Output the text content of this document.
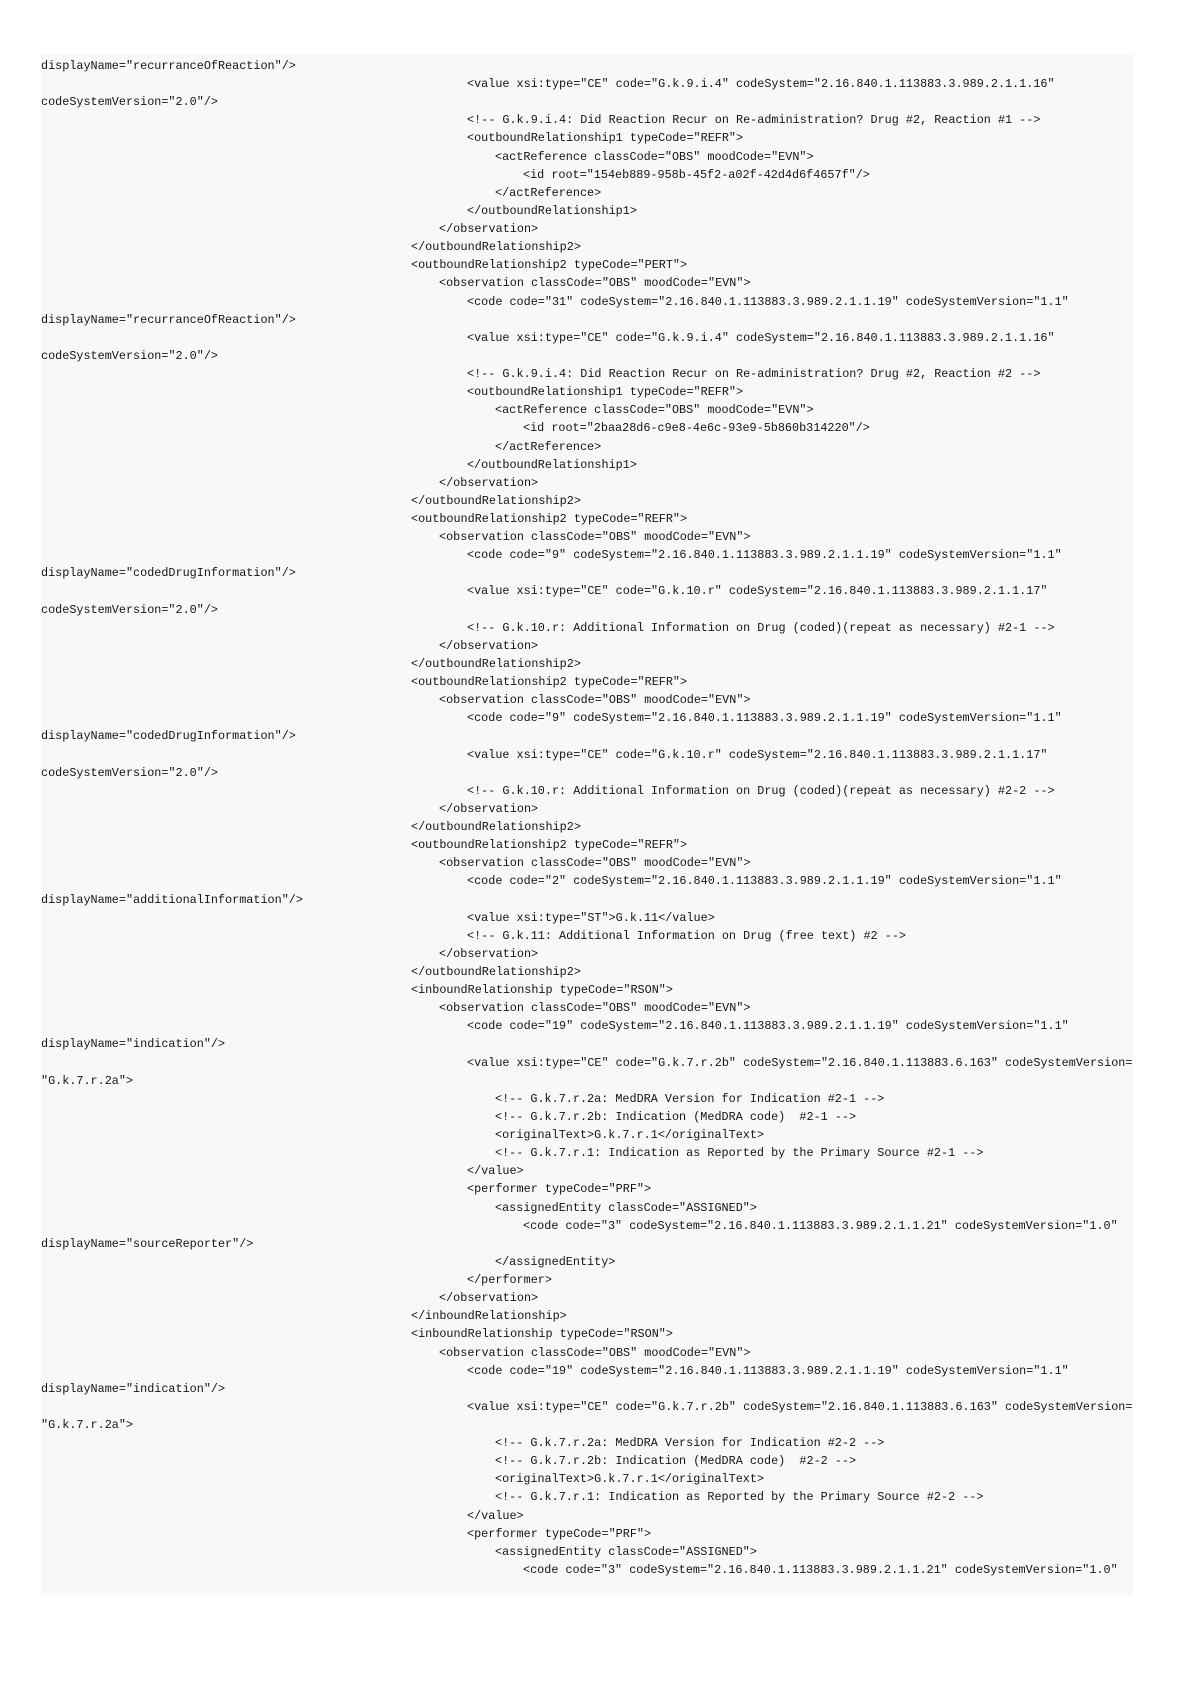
displayName="recurranceOfReaction"/>
<value xsi:type="CE" code="G.k.9.i.4" codeSystem="2.16.840.1.113883.3.989.2.1.1.16"
codeSystemVersion="2.0"/>
<!-- G.k.9.i.4: Did Reaction Recur on Re-administration? Drug #2, Reaction #1 -->
<outboundRelationship1 typeCode="REFR">
<actReference classCode="OBS" moodCode="EVN">
<id root="154eb889-958b-45f2-a02f-42d4d6f4657f"/>
</actReference>
</outboundRelationship1>
</observation>
</outboundRelationship2>
<outboundRelationship2 typeCode="PERT">
<observation classCode="OBS" moodCode="EVN">
<code code="31" codeSystem="2.16.840.1.113883.3.989.2.1.1.19" codeSystemVersion="1.1"
displayName="recurranceOfReaction"/>
<value xsi:type="CE" code="G.k.9.i.4" codeSystem="2.16.840.1.113883.3.989.2.1.1.16"
codeSystemVersion="2.0"/>
<!-- G.k.9.i.4: Did Reaction Recur on Re-administration? Drug #2, Reaction #2 -->
<outboundRelationship1 typeCode="REFR">
<actReference classCode="OBS" moodCode="EVN">
<id root="2baa28d6-c9e8-4e6c-93e9-5b860b314220"/>
</actReference>
</outboundRelationship1>
</observation>
</outboundRelationship2>
<outboundRelationship2 typeCode="REFR">
<observation classCode="OBS" moodCode="EVN">
<code code="9" codeSystem="2.16.840.1.113883.3.989.2.1.1.19" codeSystemVersion="1.1"
displayName="codedDrugInformation"/>
<value xsi:type="CE" code="G.k.10.r" codeSystem="2.16.840.1.113883.3.989.2.1.1.17"
codeSystemVersion="2.0"/>
<!-- G.k.10.r: Additional Information on Drug (coded)(repeat as necessary) #2-1 -->
</observation>
</outboundRelationship2>
<outboundRelationship2 typeCode="REFR">
<observation classCode="OBS" moodCode="EVN">
<code code="9" codeSystem="2.16.840.1.113883.3.989.2.1.1.19" codeSystemVersion="1.1"
displayName="codedDrugInformation"/>
<value xsi:type="CE" code="G.k.10.r" codeSystem="2.16.840.1.113883.3.989.2.1.1.17"
codeSystemVersion="2.0"/>
<!-- G.k.10.r: Additional Information on Drug (coded)(repeat as necessary) #2-2 -->
</observation>
</outboundRelationship2>
<outboundRelationship2 typeCode="REFR">
<observation classCode="OBS" moodCode="EVN">
<code code="2" codeSystem="2.16.840.1.113883.3.989.2.1.1.19" codeSystemVersion="1.1"
displayName="additionalInformation"/>
<value xsi:type="ST">G.k.11</value>
<!-- G.k.11: Additional Information on Drug (free text) #2 -->
</observation>
</outboundRelationship2>
<inboundRelationship typeCode="RSON">
<observation classCode="OBS" moodCode="EVN">
<code code="19" codeSystem="2.16.840.1.113883.3.989.2.1.1.19" codeSystemVersion="1.1"
displayName="indication"/>
<value xsi:type="CE" code="G.k.7.r.2b" codeSystem="2.16.840.1.113883.6.163" codeSystemVersion=
"G.k.7.r.2a">
<!-- G.k.7.r.2a: MedDRA Version for Indication #2-1 -->
<!-- G.k.7.r.2b: Indication (MedDRA code)  #2-1 -->
<originalText>G.k.7.r.1</originalText>
<!-- G.k.7.r.1: Indication as Reported by the Primary Source #2-1 -->
</value>
<performer typeCode="PRF">
<assignedEntity classCode="ASSIGNED">
<code code="3" codeSystem="2.16.840.1.113883.3.989.2.1.1.21" codeSystemVersion="1.0"
displayName="sourceReporter"/>
</assignedEntity>
</performer>
</observation>
</inboundRelationship>
<inboundRelationship typeCode="RSON">
<observation classCode="OBS" moodCode="EVN">
<code code="19" codeSystem="2.16.840.1.113883.3.989.2.1.1.19" codeSystemVersion="1.1"
displayName="indication"/>
<value xsi:type="CE" code="G.k.7.r.2b" codeSystem="2.16.840.1.113883.6.163" codeSystemVersion=
"G.k.7.r.2a">
<!-- G.k.7.r.2a: MedDRA Version for Indication #2-2 -->
<!-- G.k.7.r.2b: Indication (MedDRA code)  #2-2 -->
<originalText>G.k.7.r.1</originalText>
<!-- G.k.7.r.1: Indication as Reported by the Primary Source #2-2 -->
</value>
<performer typeCode="PRF">
<assignedEntity classCode="ASSIGNED">
<code code="3" codeSystem="2.16.840.1.113883.3.989.2.1.1.21" codeSystemVersion="1.0"
